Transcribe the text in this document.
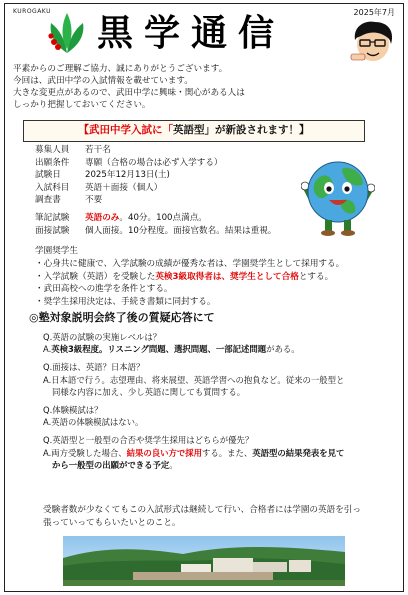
KUROGAKU
黒学通信
2025年7月
平素からのご理解ご協力、誠にありがとうございます。
今回は、武田中学の入試情報を載せています。
大きな変更点があるので、武田中学に興味・関心がある人は
しっかり把握しておいてください。
【武田中学入試に「 英語型 」が新設されます！】
募集人員	若干名
出願条件	専願（合格の場合は必ず入学する）
試験日	2025年12月13日(土)
入試科目	英語＋面接（個人）
調査書	不要
筆記試験	英語のみ 。40分。100点満点。
面接試験	個人面接。10分程度。面接官数名。結果は重視。
学園奨学生
・心身共に健康で、入学試験の成績が優秀な者は、学園奨学生として採用する。
・入学試験（英語）を受験した英検3級取得者は、奨学生として合格とする。
・武田高校への進学を条件とする。
・奨学生採用決定は、手続き書類に同封する。
◎塾対象説明会終了後の質疑応答にて
Q.英語の試験の実施レベルは？
A.英検3級程度。リスニング問題、選択問題、一部記述問題がある。
Q.面接は、英語？日本語？
A.日本語で行う。志望理由、将来展望、英語学習への抱負など。従来の一般型と
同様な内容に加え、少し英語に関しても質問する。
Q.体験模試は？
A.英語の体験模試はない。
Q.英語型と一般型の合否や奨学生採用はどちらが優先？
A.両方受験した場合、結果の良い方で採用する。また、英語型の結果発表を見て
から一般型の出願ができる予定。
受験者数が少なくてもこの入試形式は継続して行い、合格者には学園の英語を引っ
張っていってもらいたいとのこと。
